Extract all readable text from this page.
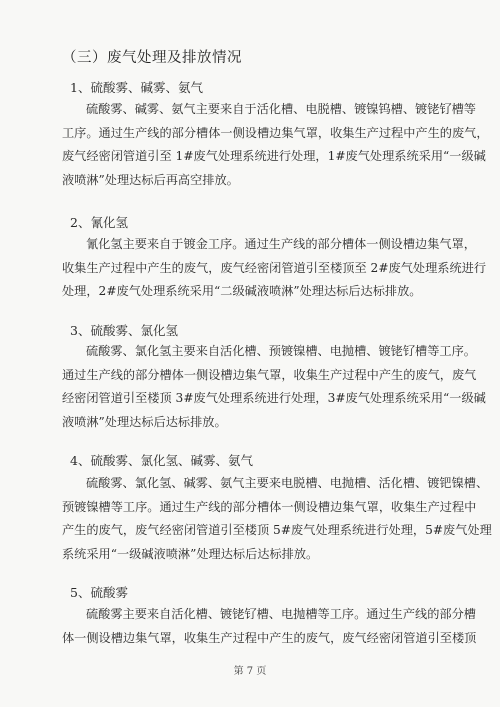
（三）废气处理及排放情况
1、硫酸雾、碱雾、氨气
硫酸雾、碱雾、氨气主要来自于活化槽、电脱槽、镀镍钨槽、镀铑钌槽等
工序。通过生产线的部分槽体一侧设槽边集气罩，收集生产过程中产生的废气，
废气经密闭管道引至 1#废气处理系统进行处理，1#废气处理系统采用“一级碱
液喷淋”处理达标后再高空排放。
2、氰化氢
氰化氢主要来自于镀金工序。通过生产线的部分槽体一侧设槽边集气罩，
收集生产过程中产生的废气，废气经密闭管道引至楼顶至 2#废气处理系统进行
处理，2#废气处理系统采用“二级碱液喷淋”处理达标后达标排放。
3、硫酸雾、氯化氢
硫酸雾、氯化氢主要来自活化槽、预镀镍槽、电抛槽、镀铑钌槽等工序。
通过生产线的部分槽体一侧设槽边集气罩，收集生产过程中产生的废气，废气
经密闭管道引至楼顶 3#废气处理系统进行处理，3#废气处理系统采用“一级碱
液喷淋”处理达标后达标排放。
4、硫酸雾、氯化氢、碱雾、氨气
硫酸雾、氯化氢、碱雾、氨气主要来电脱槽、电抛槽、活化槽、镀钯镍槽、
预镀镍槽等工序。通过生产线的部分槽体一侧设槽边集气罩，收集生产过程中
产生的废气，废气经密闭管道引至楼顶 5#废气处理系统进行处理，5#废气处理
系统采用“一级碱液喷淋”处理达标后达标排放。
5、硫酸雾
硫酸雾主要来自活化槽、镀铑钌槽、电抛槽等工序。通过生产线的部分槽
体一侧设槽边集气罩，收集生产过程中产生的废气，废气经密闭管道引至楼顶
第 7 页
